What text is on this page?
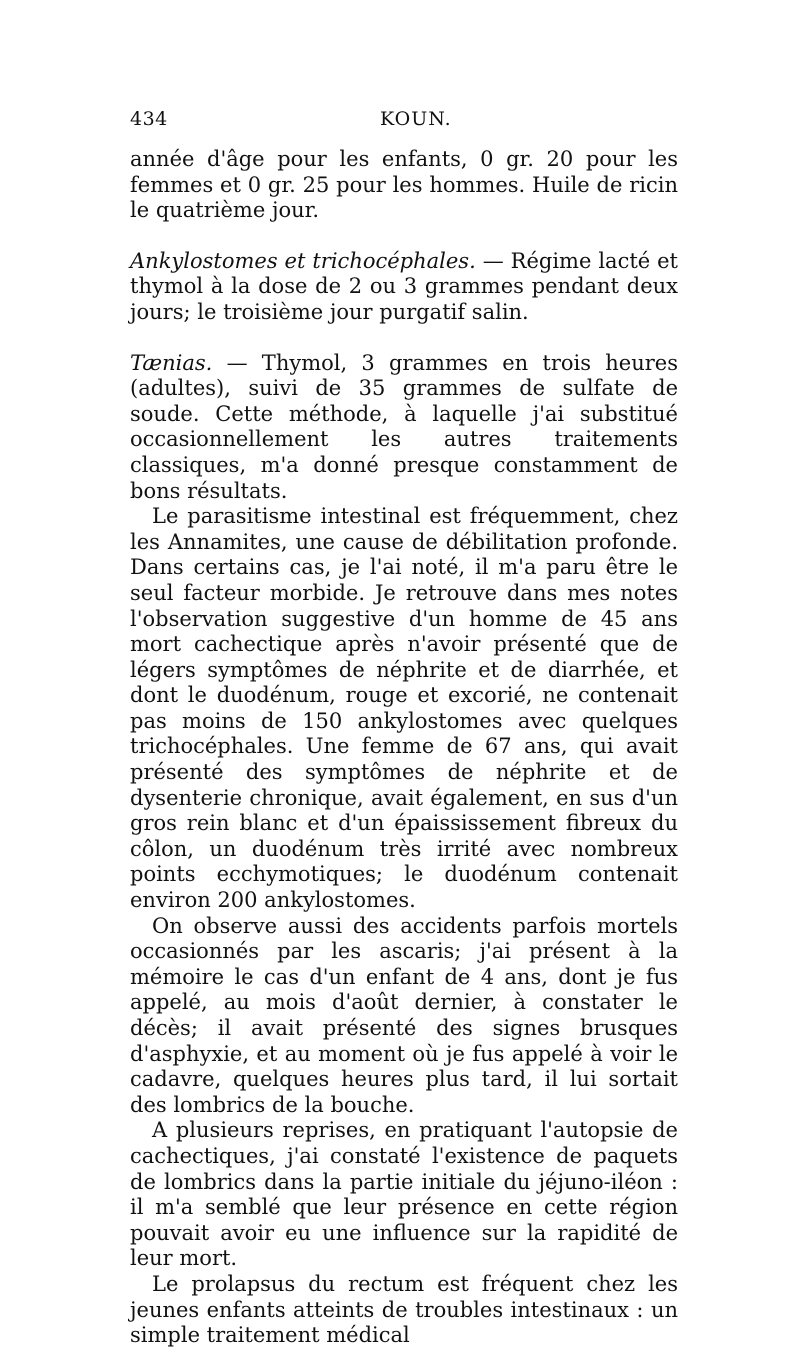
434	KOUN.

année d'âge pour les enfants, 0 gr. 20 pour les femmes et 0 gr. 25 pour les hommes. Huile de ricin le quatrième jour.

Ankylostomes et trichocéphales. — Régime lacté et thymol à la dose de 2 ou 3 grammes pendant deux jours; le troisième jour purgatif salin.

Tænias. — Thymol, 3 grammes en trois heures (adultes), suivi de 35 grammes de sulfate de soude. Cette méthode, à laquelle j'ai substitué occasionnellement les autres traitements classiques, m'a donné presque constamment de bons résultats.

Le parasitisme intestinal est fréquemment, chez les Annamites, une cause de débilitation profonde. Dans certains cas, je l'ai noté, il m'a paru être le seul facteur morbide. Je retrouve dans mes notes l'observation suggestive d'un homme de 45 ans mort cachectique après n'avoir présenté que de légers symptômes de néphrite et de diarrhée, et dont le duodénum, rouge et excorié, ne contenait pas moins de 150 ankylostomes avec quelques trichocéphales. Une femme de 67 ans, qui avait présenté des symptômes de néphrite et de dysenterie chronique, avait également, en sus d'un gros rein blanc et d'un épaississement fibreux du côlon, un duodénum très irrité avec nombreux points ecchymotiques; le duodénum contenait environ 200 ankylostomes.

On observe aussi des accidents parfois mortels occasionnés par les ascaris; j'ai présent à la mémoire le cas d'un enfant de 4 ans, dont je fus appelé, au mois d'août dernier, à constater le décès; il avait présenté des signes brusques d'asphyxie, et au moment où je fus appelé à voir le cadavre, quelques heures plus tard, il lui sortait des lombrics de la bouche.

A plusieurs reprises, en pratiquant l'autopsie de cachectiques, j'ai constaté l'existence de paquets de lombrics dans la partie initiale du jéjuno-iléon : il m'a semblé que leur présence en cette région pouvait avoir eu une influence sur la rapidité de leur mort.

Le prolapsus du rectum est fréquent chez les jeunes enfants atteints de troubles intestinaux : un simple traitement médical
